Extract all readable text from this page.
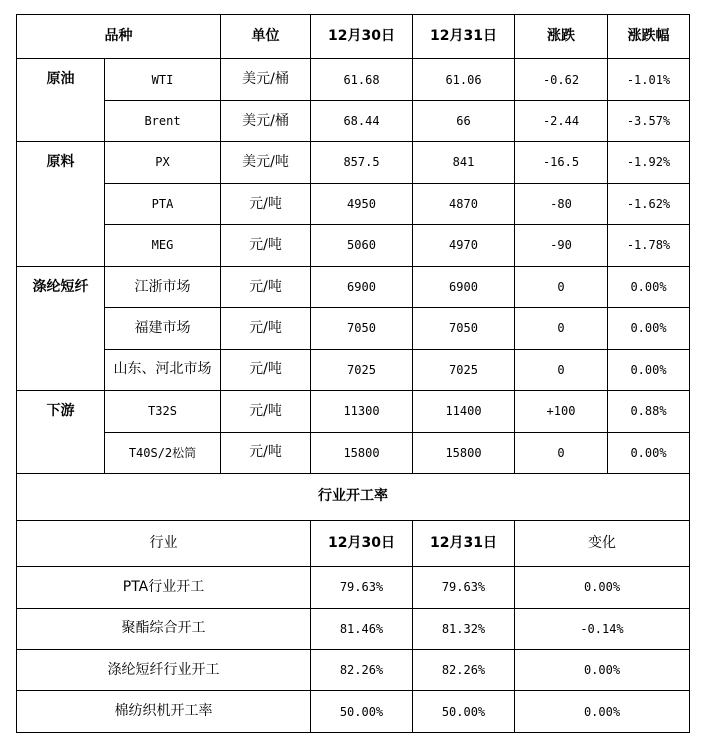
品种		单位	12月30日	12月31日	涨跌	涨跌幅
原油	WTI	美元/桶	61.68	61.06	-0.62	-1.01%
	Brent	美元/桶	68.44	66	-2.44	-3.57%
原料	PX	美元/吨	857.5	841	-16.5	-1.92%
	PTA	元/吨	4950	4870	-80	-1.62%
	MEG	元/吨	5060	4970	-90	-1.78%
涤纶短纤	江浙市场	元/吨	6900	6900	0	0.00%
	福建市场	元/吨	7050	7050	0	0.00%
	山东、河北市场	元/吨	7025	7025	0	0.00%
下游	T32S	元/吨	11300	11400	+100	0.88%
	T40S/2松筒	元/吨	15800	15800	0	0.00%
行业开工率						
行业			12月30日	12月31日	变化	
PTA行业开工			79.63%	79.63%	0.00%	
聚酯综合开工			81.46%	81.32%	-0.14%	
涤纶短纤行业开工			82.26%	82.26%	0.00%	
棉纺织机开工率			50.00%	50.00%	0.00%	
